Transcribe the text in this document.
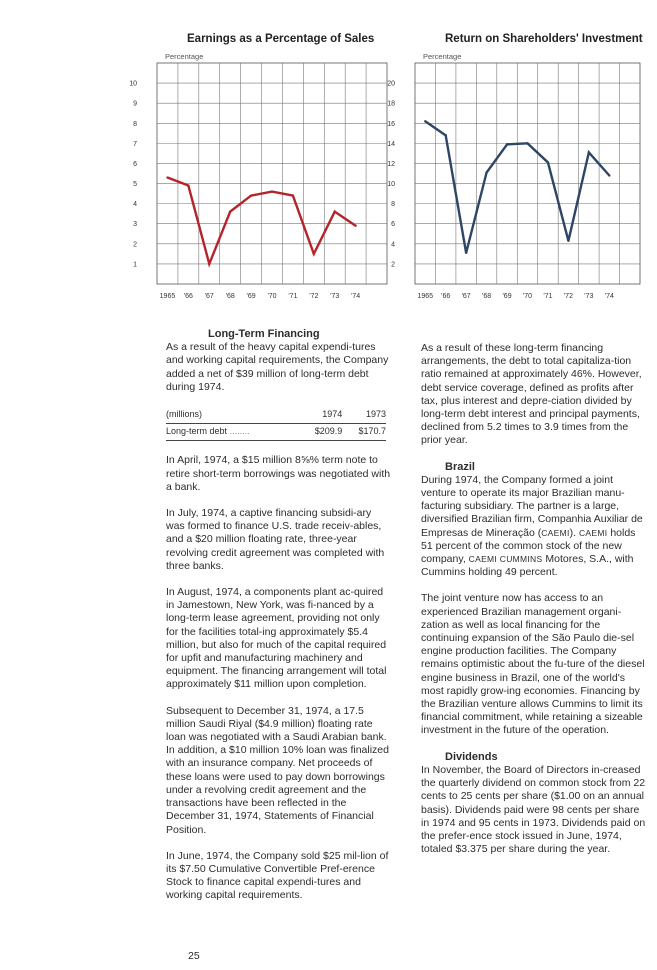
Earnings as a Percentage of Sales
Percentage
1
2
3
4
5
6
7
8
9
10
1965 '66 '67 '68 '69 '70 '71 '72 '73 '74
Return on Shareholders' Investment
Percentage
2
4
6
8
10
12
14
16
18
20
1965 '66 '67 '68 '69 '70 '71 '72 '73 '74
Long-Term Financing

As a result of the heavy capital expendi-tures and working capital requirements, the Company added a net of $39 million of long-term debt during 1974.

(millions)	1974	1973
Long-term debt ........	$209.9	$170.7

In April, 1974, a $15 million 8⅝% term note to retire short-term borrowings was negotiated with a bank.

In July, 1974, a captive financing subsidi-ary was formed to finance U.S. trade receiv-ables, and a $20 million floating rate, three-year revolving credit agreement was completed with three banks.

In August, 1974, a components plant ac-quired in Jamestown, New York, was fi-nanced by a long-term lease agreement, providing not only for the facilities total-ing approximately $5.4 million, but also for much of the capital required for upfit and manufacturing machinery and equipment. The financing arrangement will total approximately $11 million upon completion.

Subsequent to December 31, 1974, a 17.5 million Saudi Riyal ($4.9 million) floating rate loan was negotiated with a Saudi Arabian bank. In addition, a $10 million 10% loan was finalized with an insurance company. Net proceeds of these loans were used to pay down borrowings under a revolving credit agreement and the transactions have been reflected in the December 31, 1974, Statements of Financial Position.

In June, 1974, the Company sold $25 mil-lion of its $7.50 Cumulative Convertible Pref-erence Stock to finance capital expendi-tures and working capital requirements.

As a result of these long-term financing arrangements, the debt to total capitaliza-tion ratio remained at approximately 46%. However, debt service coverage, defined as profits after tax, plus interest and depre-ciation divided by long-term debt interest and principal payments, declined from 5.2 times to 3.9 times from the prior year.

Brazil

During 1974, the Company formed a joint venture to operate its major Brazilian manu-facturing subsidiary. The partner is a large, diversified Brazilian firm, Companhia Auxiliar de Empresas de Mineração (CAEMI). CAEMI holds 51 percent of the common stock of the new company, CAEMI CUMMINS Motores, S.A., with Cummins holding 49 percent.

The joint venture now has access to an experienced Brazilian management organi-zation as well as local financing for the continuing expansion of the São Paulo die-sel engine production facilities. The Company remains optimistic about the fu-ture of the diesel engine business in Brazil, one of the world's most rapidly grow-ing economies. Financing by the Brazilian venture allows Cummins to limit its financial commitment, while retaining a sizeable investment in the future of the operation.

Dividends

In November, the Board of Directors in-creased the quarterly dividend on common stock from 22 cents to 25 cents per share ($1.00 on an annual basis). Dividends paid were 98 cents per share in 1974 and 95 cents in 1973. Dividends paid on the prefer-ence stock issued in June, 1974, totaled $3.375 per share during the year.

25
